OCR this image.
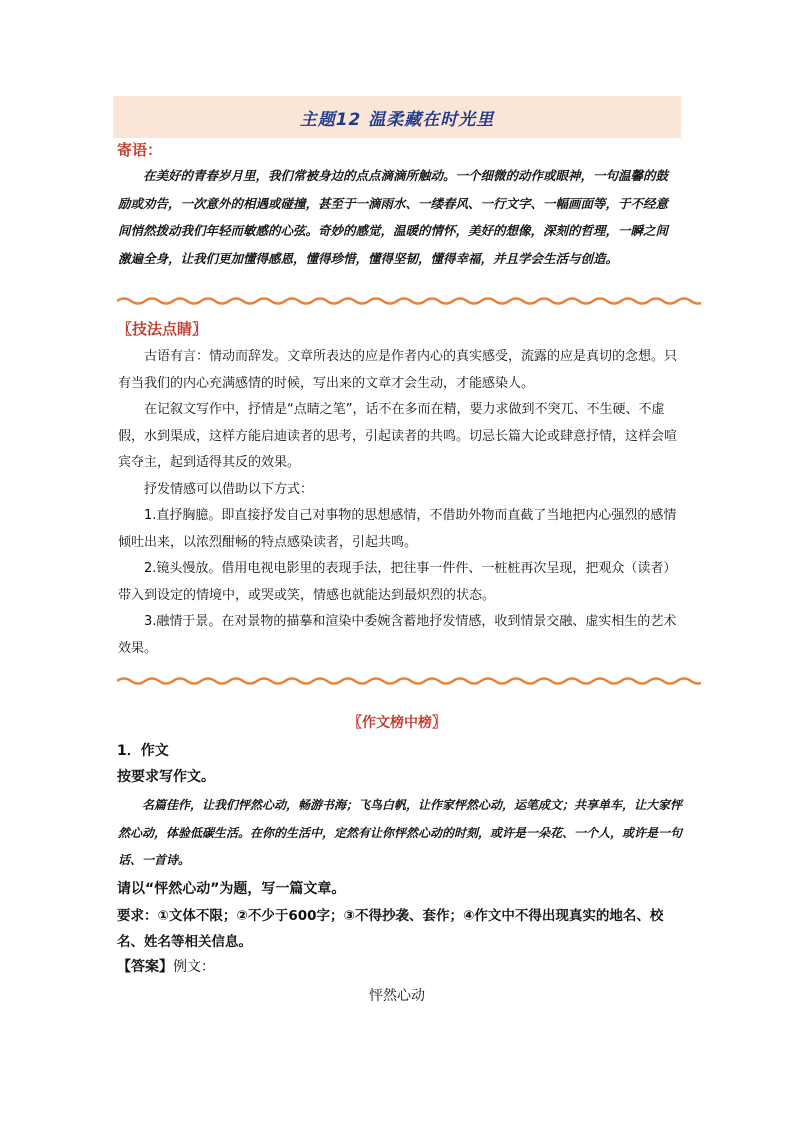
主题12 温柔藏在时光里
寄语：

在美好的青春岁月里，我们常被身边的点点滴滴所触动。一个细微的动作或眼神，一句温馨的鼓励或劝告，一次意外的相遇或碰撞，甚至于一滴雨水、一缕春风、一行文字、一幅画面等，于不经意间悄然拨动我们年轻而敏感的心弦。奇妙的感觉，温暖的情怀，美好的想像，深刻的哲理，一瞬之间激遍全身，让我们更加懂得感恩，懂得珍惜，懂得坚韧，懂得幸福，并且学会生活与创造。

〖技法点睛〗

古语有言：情动而辞发。文章所表达的应是作者内心的真实感受，流露的应是真切的念想。只有当我们的内心充满感情的时候，写出来的文章才会生动，才能感染人。

在记叙文写作中，抒情是“点睛之笔”，话不在多而在精，要力求做到不突兀、不生硬、不虚假，水到渠成，这样方能启迪读者的思考，引起读者的共鸣。切忌长篇大论或肆意抒情，这样会喧宾夺主，起到适得其反的效果。

抒发情感可以借助以下方式：

1.直抒胸臆。即直接抒发自己对事物的思想感情，不借助外物而直截了当地把内心强烈的感情倾吐出来，以浓烈酣畅的特点感染读者，引起共鸣。

2.镜头慢放。借用电视电影里的表现手法，把往事一件件、一桩桩再次呈现，把观众（读者）带入到设定的情境中，或哭或笑，情感也就能达到最炽烈的状态。

3.融情于景。在对景物的描摹和渲染中委婉含蓄地抒发情感，收到情景交融、虚实相生的艺术效果。

〖作文榜中榜〗
1．作文
按要求写作文。

名篇佳作，让我们怦然心动，畅游书海；飞鸟白帆，让作家怦然心动，运笔成文；共享单车，让大家怦然心动，体验低碳生活。在你的生活中，定然有让你怦然心动的时刻，或许是一朵花、一个人，或许是一句话、一首诗。

请以“怦然心动”为题，写一篇文章。
要求：①文体不限；②不少于600字；③不得抄袭、套作；④作文中不得出现真实的地名、校名、姓名等相关信息。
【答案】例文：
怦然心动
